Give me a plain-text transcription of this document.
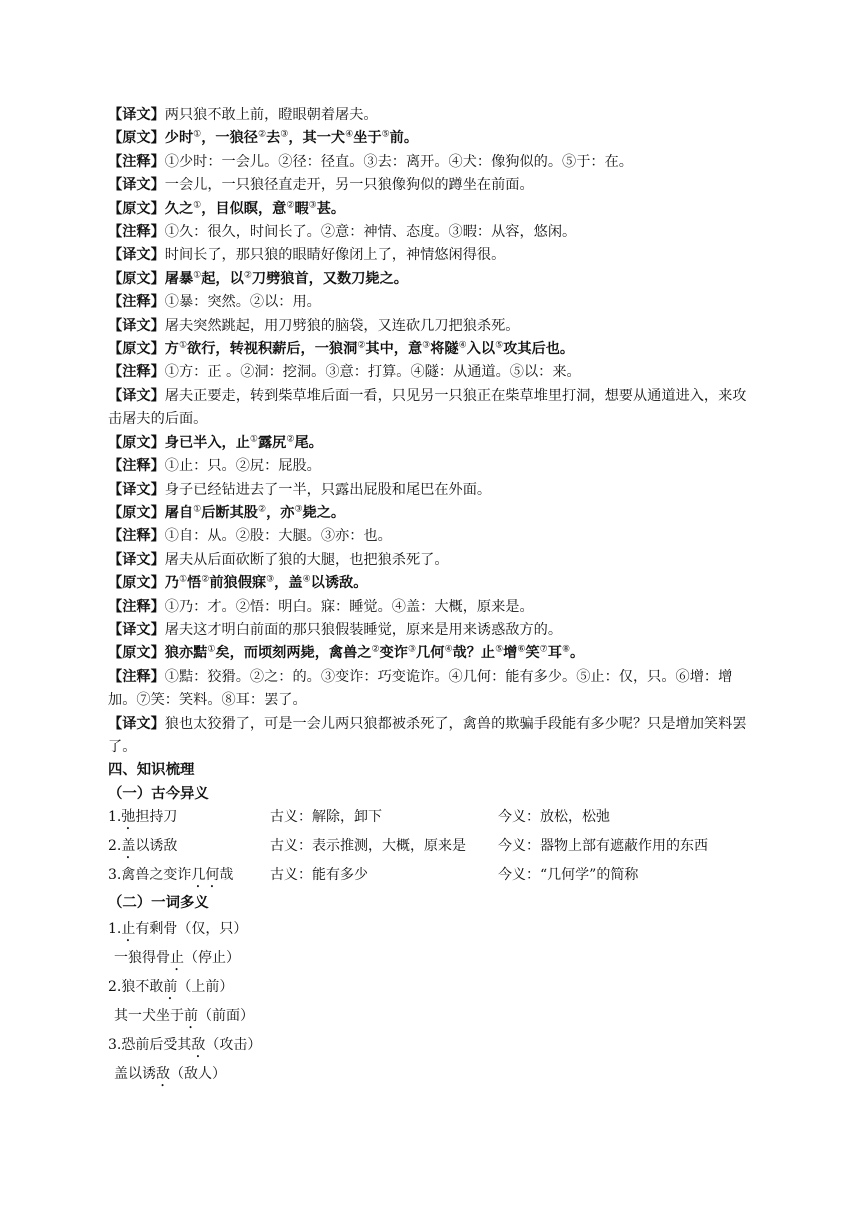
【译文】两只狼不敢上前，瞪眼朝着屠夫。
【原文】少时①，一狼径②去③，其一犬④坐于⑤前。
【注释】①少时：一会儿。②径：径直。③去：离开。④犬：像狗似的。⑤于：在。
【译文】一会儿，一只狼径直走开，另一只狼像狗似的蹲坐在前面。
【原文】久之①，目似瞑，意②暇③甚。
【注释】①久：很久，时间长了。②意：神情、态度。③暇：从容，悠闲。
【译文】时间长了，那只狼的眼睛好像闭上了，神情悠闲得很。
【原文】屠暴①起，以②刀劈狼首，又数刀毙之。
【注释】①暴：突然。②以：用。
【译文】屠夫突然跳起，用刀劈狼的脑袋，又连砍几刀把狼杀死。
【原文】方①欲行，转视积薪后，一狼洞②其中，意③将隧④入以⑤攻其后也。
【注释】①方：正 。②洞：挖洞。③意：打算。④隧：从通道。⑤以：来。
【译文】屠夫正要走，转到柴草堆后面一看，只见另一只狼正在柴草堆里打洞，想要从通道进入，来攻击屠夫的后面。
【原文】身已半入，止①露尻②尾。
【注释】①止：只。②尻：屁股。
【译文】身子已经钻进去了一半，只露出屁股和尾巴在外面。
【原文】屠自①后断其股②，亦③毙之。
【注释】①自：从。②股：大腿。③亦：也。
【译文】屠夫从后面砍断了狼的大腿，也把狼杀死了。
【原文】乃①悟②前狼假寐③，盖④以诱敌。
【注释】①乃：才。②悟：明白。寐：睡觉。④盖：大概，原来是。
【译文】屠夫这才明白前面的那只狼假装睡觉，原来是用来诱惑敌方的。
【原文】狼亦黠①矣，而顷刻两毙，禽兽之②变诈③几何④哉？止⑤增⑥笑⑦耳⑧。
【注释】①黠：狡猾。②之：的。③变诈：巧变诡诈。④几何：能有多少。⑤止：仅，只。⑥增：增加。⑦笑：笑料。⑧耳：罢了。
【译文】狼也太狡猾了，可是一会儿两只狼都被杀死了，禽兽的欺骗手段能有多少呢？只是增加笑料罢了。
四、知识梳理
（一）古今异义
1.弛担持刀	古义：解除，卸下	今义：放松，松弛
2.盖以诱敌	古义：表示推测，大概，原来是	今义：器物上部有遮蔽作用的东西
3.禽兽之变诈几何哉	古义：能有多少	今义：“几何学”的简称
（二）一词多义
1. 止 有剩骨（仅，只）
一狼得骨 止 （停止）
2.狼不敢 前 （上前）
其一犬坐于 前 （前面）
3.恐前后受其 敌 （攻击）
盖以诱 敌 （敌人）
